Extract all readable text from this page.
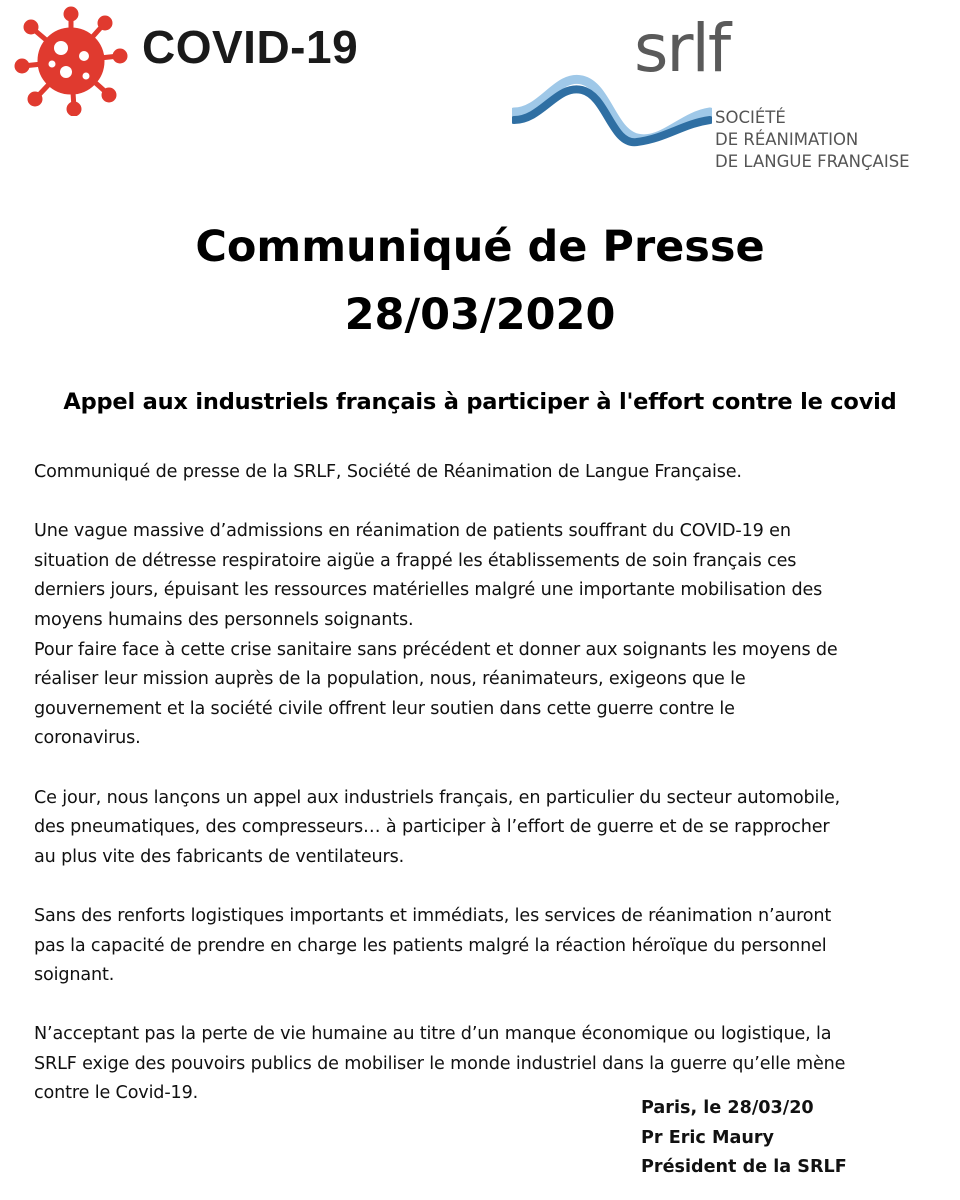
COVID-19	srlf
SOCIÉTÉ
DE RÉANIMATION
DE LANGUE FRANÇAISE
Communiqué de Presse
28/03/2020
Appel aux industriels français à participer à l'effort contre le covid
Communiqué de presse de la SRLF, Société de Réanimation de Langue Française.
Une vague massive d’admissions en réanimation de patients souffrant du COVID-19 en
situation de détresse respiratoire aigüe a frappé les établissements de soin français ces
derniers jours, épuisant les ressources matérielles malgré une importante mobilisation des
moyens humains des personnels soignants.
Pour faire face à cette crise sanitaire sans précédent et donner aux soignants les moyens de
réaliser leur mission auprès de la population, nous, réanimateurs, exigeons que le
gouvernement et la société civile offrent leur soutien dans cette guerre contre le
coronavirus.
Ce jour, nous lançons un appel aux industriels français, en particulier du secteur automobile,
des pneumatiques, des compresseurs… à participer à l’effort de guerre et de se rapprocher
au plus vite des fabricants de ventilateurs.
Sans des renforts logistiques importants et immédiats, les services de réanimation n’auront
pas la capacité de prendre en charge les patients malgré la réaction héroïque du personnel
soignant.
N’acceptant pas la perte de vie humaine au titre d’un manque économique ou logistique, la
SRLF exige des pouvoirs publics de mobiliser le monde industriel dans la guerre qu’elle mène
contre le Covid-19.
Paris, le 28/03/20
Pr Eric Maury
Président de la SRLF
